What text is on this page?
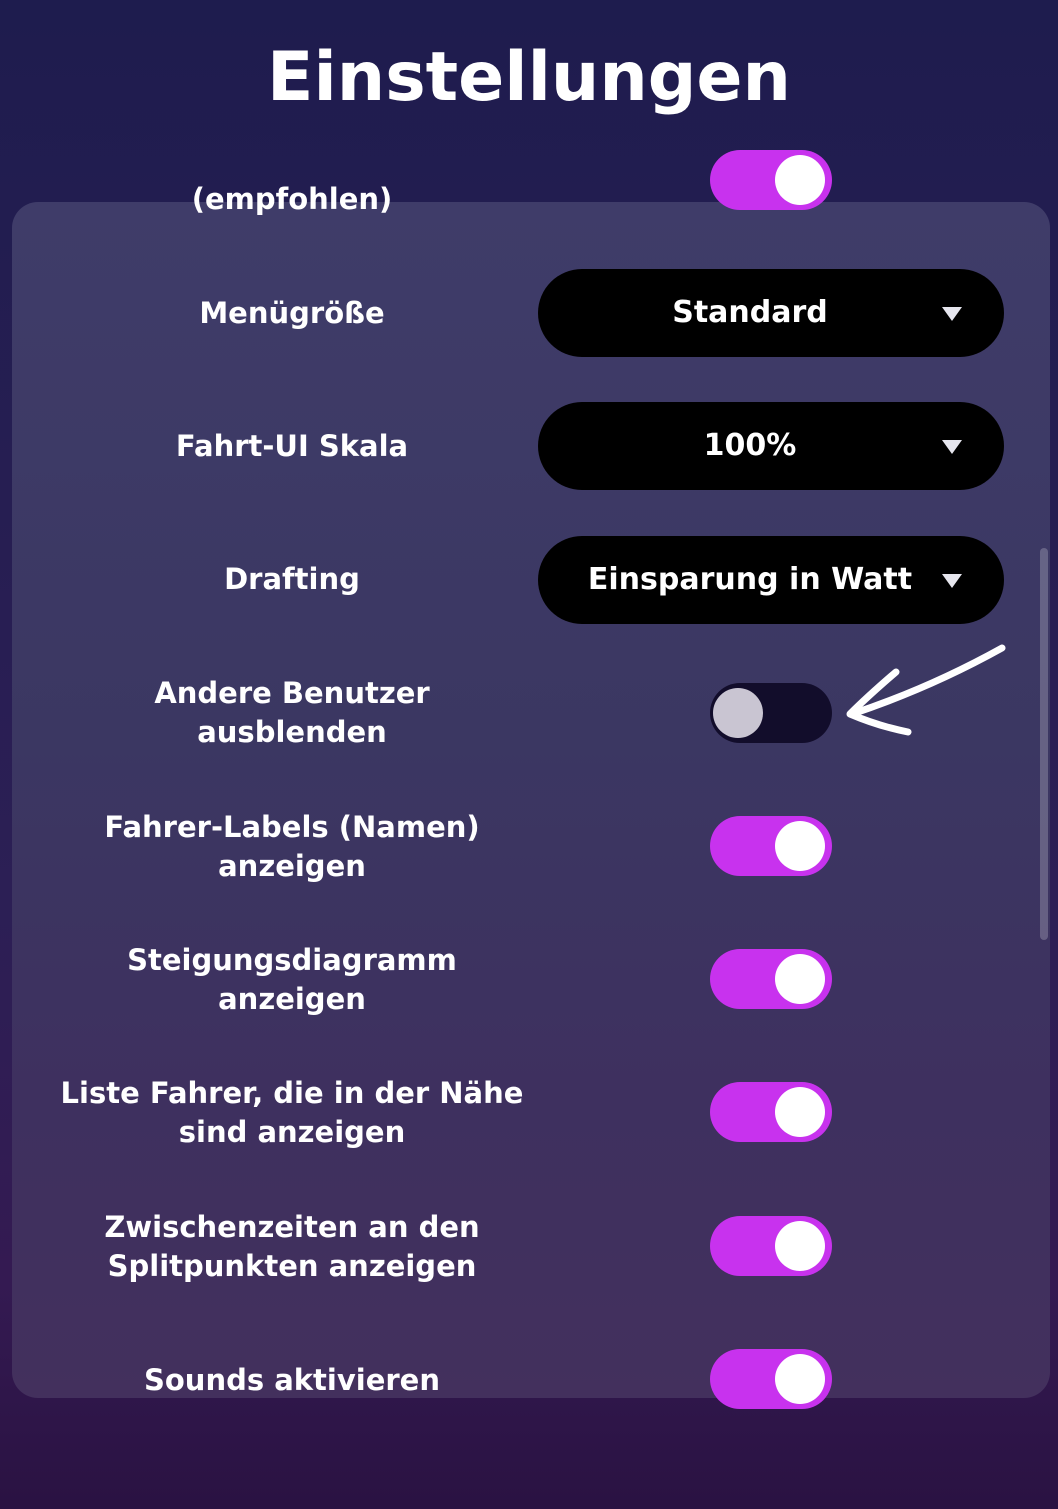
Einstellungen
(empfohlen)
Menügröße	Standard
Fahrt-UI Skala	100%
Drafting	Einsparung in Watt
Andere Benutzer
ausblenden
Fahrer-Labels (Namen)
anzeigen
Steigungsdiagramm
anzeigen
Liste Fahrer, die in der Nähe
sind anzeigen
Zwischenzeiten an den
Splitpunkten anzeigen
Sounds aktivieren
